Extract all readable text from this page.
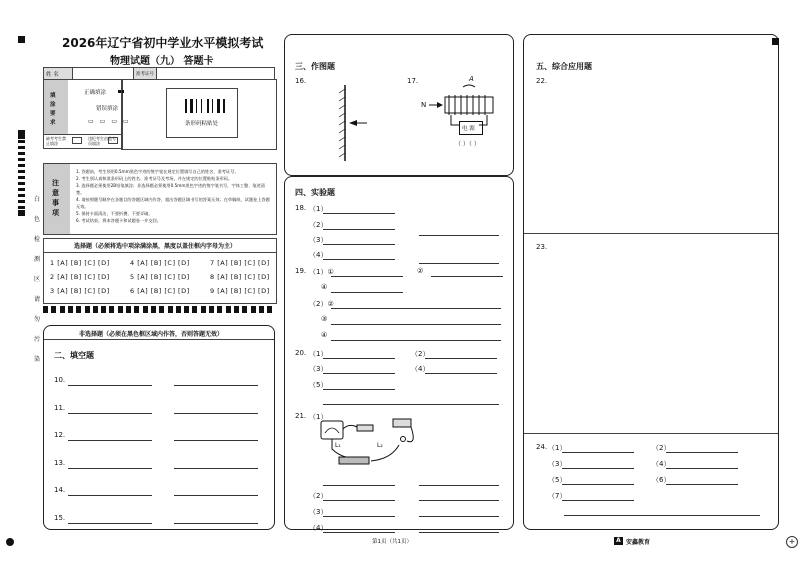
白
色
检
测
区
请
勿
污
染
2026年辽宁省初中学业水平模拟考试
物理试题（九） 答题卡
姓 名		准考证号	
填涂要求
正确填涂
错误填涂
▭▭▭▭
缺考考生禁止填涂
违纪考生由监考员填涂
条形码粘贴处
注意事项
1. 答题前，考生须用0.5mm黑色字迹的签字笔在规定位置填写自己的姓名、准考证号。
2. 考生须认真核准条形码上的姓名、准考证号及考场，并在规定的位置粘贴条形码。
3. 选择题必须使用2B铅笔填涂；非选择题必须使用0.5mm黑色字迹的签字笔书写，字体工整、笔迹清楚。
4. 请按照题号顺序在各题目的答题区域内作答，超出答题区域书写的答案无效；在草稿纸、试题卷上答题无效。
5. 保持卡面清洁，不要折叠、不要弄破。
6. 考试结束，将本答题卡和试题卷一并交回。
选择题（必须将选中项涂满涂黑，黑度以盖住框内字母为主）
1 [A] [B] [C] [D]	4 [A] [B] [C] [D]	7 [A] [B] [C] [D]
2 [A] [B] [C] [D]	5 [A] [B] [C] [D]	8 [A] [B] [C] [D]
3 [A] [B] [C] [D]	6 [A] [B] [C] [D]	9 [A] [B] [C] [D]
非选择题（必须在黑色框区域内作答，否则答题无效）
二、填空题
10.
11.
12.
13.
14.
15.
三、作图题
16.	17.	A
N
电 源
（ ）（ ）
四、实验题
18. （1）
（2）
（3）
（4）
19. （1）①	②
④
（2）②
③
④
20. （1）	（2）
（3）	（4）
（5）
21. （1）
（2）
（3）
（4）
L₂
L₁
五、综合应用题
22.
23.
24. （1）	（2）
（3）	（4）
（5）	（6）
（7）
+
第1页（共1页）	A 安鑫教育
